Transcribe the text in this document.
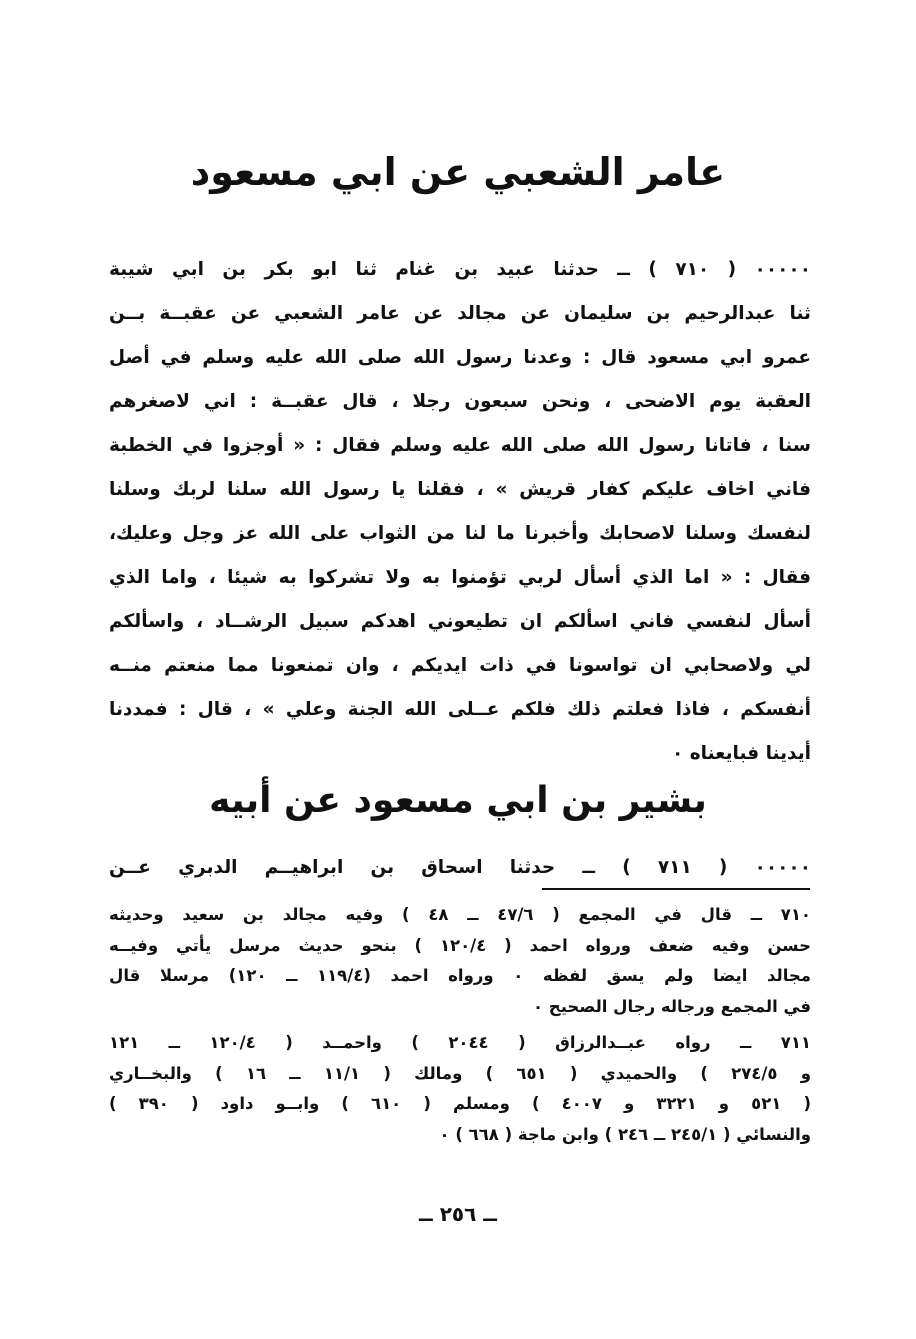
عامر الشعبي عن ابي مسعود
٠٠٠٠٠ ( ٧١٠ ) ــ حدثنا عبيد بن غنام ثنا ابو بكر بن ابي شيبة
ثنا عبدالرحيم بن سليمان عن مجالد عن عامر الشعبي عن عقبــة بــن
عمرو ابي مسعود قال : وعدنا رسول الله صلى الله عليه وسلم في أصل
العقبة يوم الاضحى ، ونحن سبعون رجلا ، قال عقبــة : اني لاصغرهم
سنا ، فاتانا رسول الله صلى الله عليه وسلم فقال : « أوجزوا في الخطبة
فاني اخاف عليكم كفار قريش » ، فقلنا يا رسول الله سلنا لربك وسلنا
لنفسك وسلنا لاصحابك وأخبرنا ما لنا من الثواب على الله عز وجل وعليك،
فقال : « اما الذي أسأل لربي تؤمنوا به ولا تشركوا به شيئا ، واما الذي
أسأل لنفسي فاني اسألكم ان تطيعوني اهدكم سبيل الرشــاد ، واسألكم
لي ولاصحابي ان تواسونا في ذات ايديكم ، وان تمنعونا مما منعتم منــه
أنفسكم ، فاذا فعلتم ذلك فلكم عــلى الله الجنة وعلي » ، قال : فمددنا
أيدينا فبايعناه ٠
بشير بن ابي مسعود عن أبيه
٠٠٠٠٠ ( ٧١١ ) ــ حدثنا اسحاق بن ابراهيــم الدبري عــن
٧١٠ ــ قال في المجمع ( ٤٧/٦ ــ ٤٨ ) وفيه مجالد بن سعيد وحديثه
حسن وفيه ضعف ورواه احمد ( ١٢٠/٤ ) بنحو حديث مرسل يأتي وفيــه
مجالد ايضا ولم يسق لفظه ٠ ورواه احمد (١١٩/٤ ــ ١٢٠) مرسلا قال
في المجمع ورجاله رجال الصحيح ٠
٧١١ ــ رواه عبــدالرزاق ( ٢٠٤٤ ) واحمــد ( ١٢٠/٤ ــ ١٢١
و ٢٧٤/٥ ) والحميدي ( ٦٥١ ) ومالك ( ١١/١ ــ ١٦ ) والبخــاري
( ٥٢١ و ٣٢٢١ و ٤٠٠٧ ) ومسلم ( ٦١٠ ) وابــو داود ( ٣٩٠ )
والنسائي ( ٢٤٥/١ ــ ٢٤٦ ) وابن ماجة ( ٦٦٨ ) ٠
ــ ٢٥٦ ــ
